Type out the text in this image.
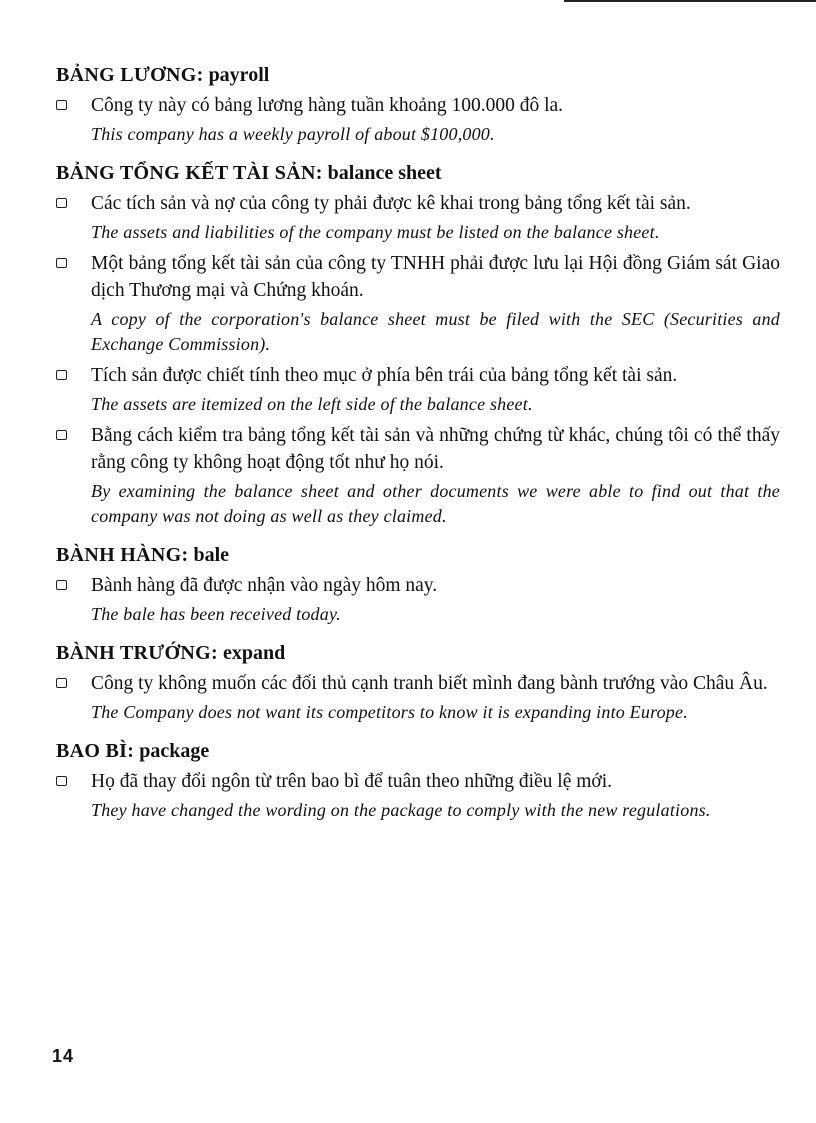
BẢNG LƯƠNG: payroll
Công ty này có bảng lương hàng tuần khoảng 100.000 đô la.
This company has a weekly payroll of about $100,000.
BẢNG TỔNG KẾT TÀI SẢN: balance sheet
Các tích sản và nợ của công ty phải được kê khai trong bảng tổng kết tài sản.
The assets and liabilities of the company must be listed on the balance sheet.
Một bảng tổng kết tài sản của công ty TNHH phải được lưu lại Hội đồng Giám sát Giao dịch Thương mại và Chứng khoán.
A copy of the corporation's balance sheet must be filed with the SEC (Securities and Exchange Commission).
Tích sản được chiết tính theo mục ở phía bên trái của bảng tổng kết tài sản.
The assets are itemized on the left side of the balance sheet.
Bằng cách kiểm tra bảng tổng kết tài sản và những chứng từ khác, chúng tôi có thể thấy rằng công ty không hoạt động tốt như họ nói.
By examining the balance sheet and other documents we were able to find out that the company was not doing as well as they claimed.
BÀNH HÀNG: bale
Bành hàng đã được nhận vào ngày hôm nay.
The bale has been received today.
BÀNH TRƯỚNG: expand
Công ty không muốn các đối thủ cạnh tranh biết mình đang bành trướng vào Châu Âu.
The Company does not want its competitors to know it is expanding into Europe.
BAO BÌ: package
Họ đã thay đổi ngôn từ trên bao bì để tuân theo những điều lệ mới.
They have changed the wording on the package to comply with the new regulations.
14
